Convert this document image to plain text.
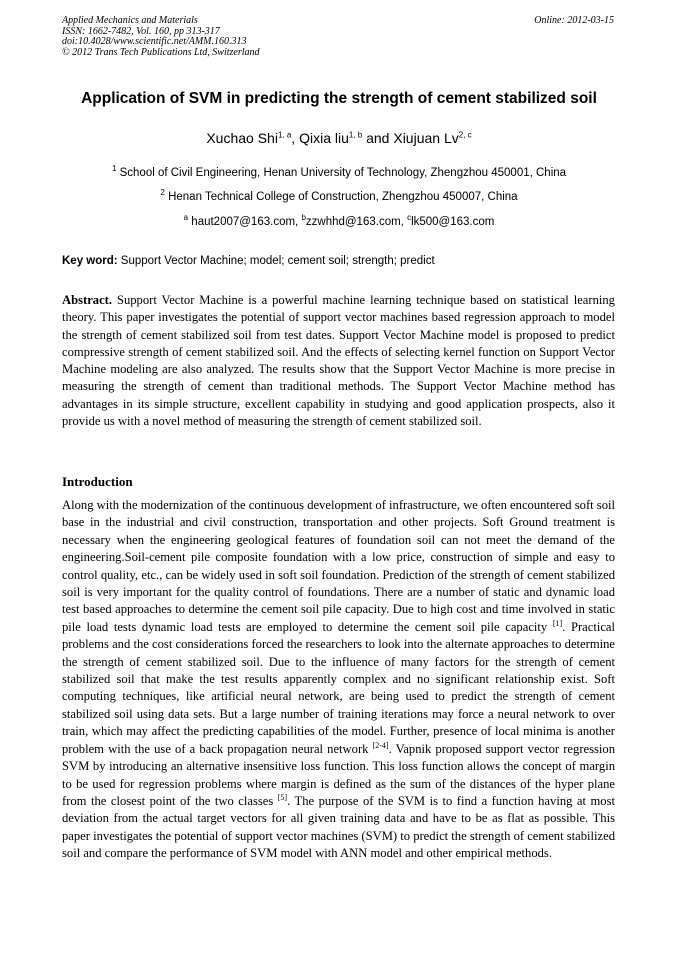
Applied Mechanics and Materials
ISSN: 1662-7482, Vol. 160, pp 313-317
doi:10.4028/www.scientific.net/AMM.160.313
© 2012 Trans Tech Publications Ltd, Switzerland
Online: 2012-03-15
Application of SVM in predicting the strength of cement stabilized soil
Xuchao Shi$^{1, a}$, Qixia liu$^{1, b}$ and Xiujuan Lv$^{2, c}$
$^1$ School of Civil Engineering, Henan University of Technology, Zhengzhou 450001, China
$^2$ Henan Technical College of Construction, Zhengzhou 450007, China
$^a$ haut2007@163.com, $^b$zzwhhd@163.com, $^c$lk500@163.com
Key word: Support Vector Machine; model; cement soil; strength; predict
Abstract. Support Vector Machine is a powerful machine learning technique based on statistical learning theory. This paper investigates the potential of support vector machines based regression approach to model the strength of cement stabilized soil from test dates. Support Vector Machine model is proposed to predict compressive strength of cement stabilized soil. And the effects of selecting kernel function on Support Vector Machine modeling are also analyzed. The results show that the Support Vector Machine is more precise in measuring the strength of cement than traditional methods. The Support Vector Machine method has advantages in its simple structure, excellent capability in studying and good application prospects, also it provide us with a novel method of measuring the strength of cement stabilized soil.
Introduction
Along with the modernization of the continuous development of infrastructure, we often encountered soft soil base in the industrial and civil construction, transportation and other projects. Soft Ground treatment is necessary when the engineering geological features of foundation soil can not meet the demand of the engineering.Soil-cement pile composite foundation with a low price, construction of simple and easy to control quality, etc., can be widely used in soft soil foundation. Prediction of the strength of cement stabilized soil is very important for the quality control of foundations. There are a number of static and dynamic load test based approaches to determine the cement soil pile capacity. Due to high cost and time involved in static pile load tests dynamic load tests are employed to determine the cement soil pile capacity [1]. Practical problems and the cost considerations forced the researchers to look into the alternate approaches to determine the strength of cement stabilized soil. Due to the influence of many factors for the strength of cement stabilized soil that make the test results apparently complex and no significant relationship exist. Soft computing techniques, like artificial neural network, are being used to predict the strength of cement stabilized soil using data sets. But a large number of training iterations may force a neural network to over train, which may affect the predicting capabilities of the model. Further, presence of local minima is another problem with the use of a back propagation neural network [2-4]. Vapnik proposed support vector regression SVM by introducing an alternative insensitive loss function. This loss function allows the concept of margin to be used for regression problems where margin is defined as the sum of the distances of the hyper plane from the closest point of the two classes [5]. The purpose of the SVM is to find a function having at most deviation from the actual target vectors for all given training data and have to be as flat as possible. This paper investigates the potential of support vector machines (SVM) to predict the strength of cement stabilized soil and compare the performance of SVM model with ANN model and other empirical methods.
